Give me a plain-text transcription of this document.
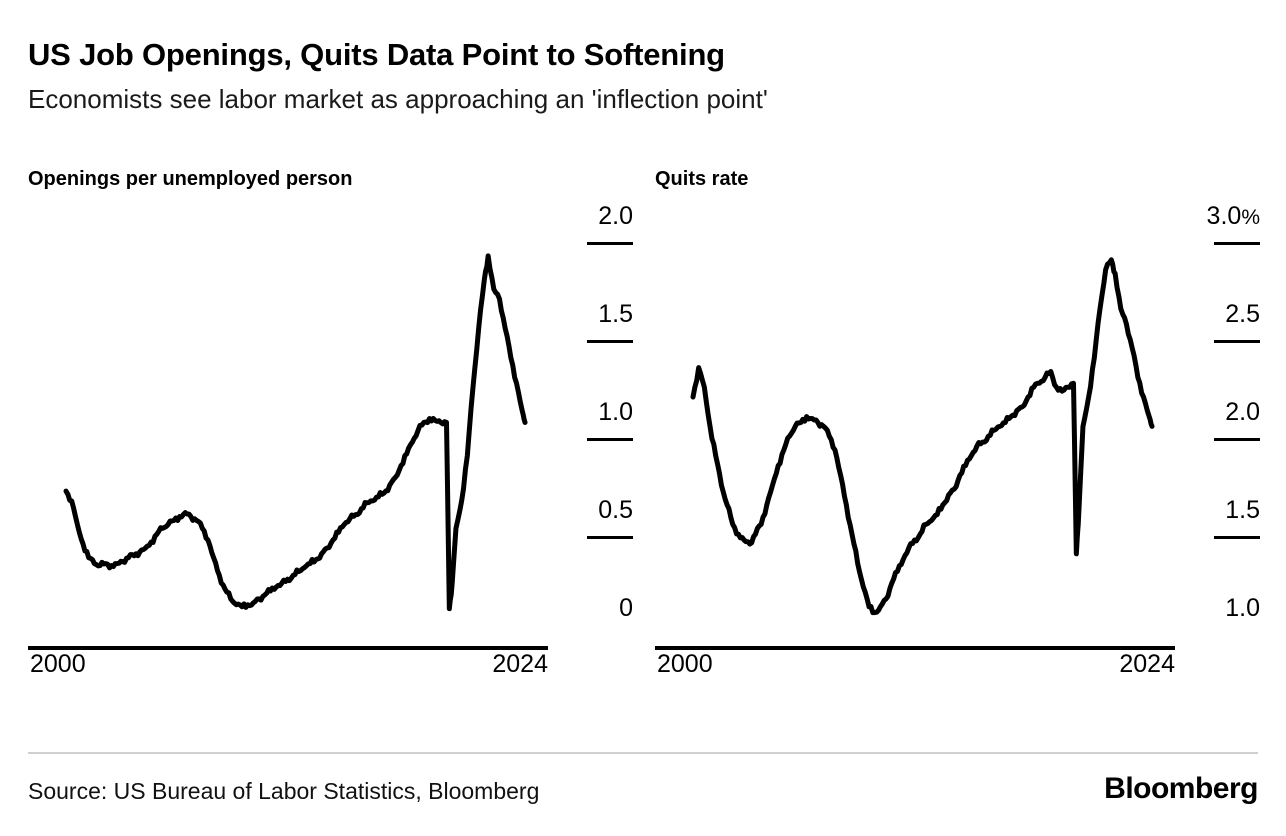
US Job Openings, Quits Data Point to Softening
Economists see labor market as approaching an 'inflection point'
Openings per unemployed person
2.0
1.5
1.0
0.5
0
2000	2024
Quits rate
3.0%
2.5
2.0
1.5
1.0
2000	2024
Source: US Bureau of Labor Statistics, Bloomberg	Bloomberg
